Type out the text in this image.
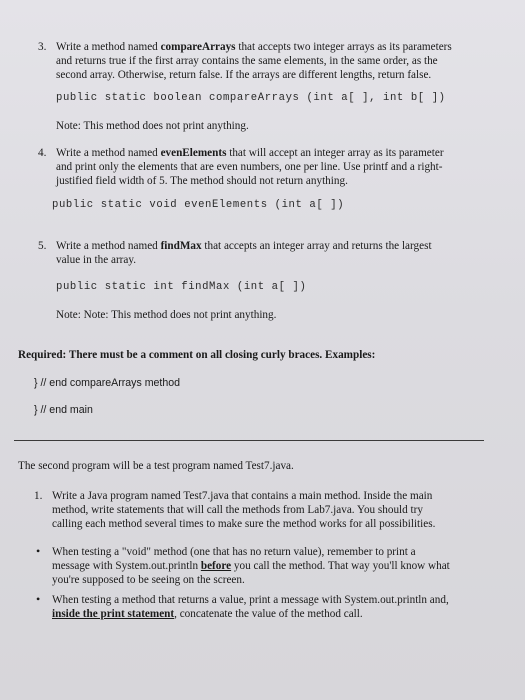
3. Write a method named compareArrays that accepts two integer arrays as its parameters
and returns true if the first array contains the same elements, in the same order, as the
second array. Otherwise, return false. If the arrays are different lengths, return false.
public static boolean compareArrays (int a[ ], int b[ ])
Note: This method does not print anything.
4. Write a method named evenElements that will accept an integer array as its parameter
and print only the elements that are even numbers, one per line. Use printf and a right-
justified field width of 5. The method should not return anything.
public static void evenElements (int a[ ])
5. Write a method named findMax that accepts an integer array and returns the largest
value in the array.
public static int findMax (int a[ ])
Note: Note: This method does not print anything.
Required: There must be a comment on all closing curly braces. Examples:
} // end compareArrays method
} // end main
The second program will be a test program named Test7.java.
1. Write a Java program named Test7.java that contains a main method. Inside the main
method, write statements that will call the methods from Lab7.java. You should try
calling each method several times to make sure the method works for all possibilities.
• When testing a "void" method (one that has no return value), remember to print a
message with System.out.println before you call the method. That way you'll know what
you're supposed to be seeing on the screen.
• When testing a method that returns a value, print a message with System.out.println and,
inside the print statement, concatenate the value of the method call.
